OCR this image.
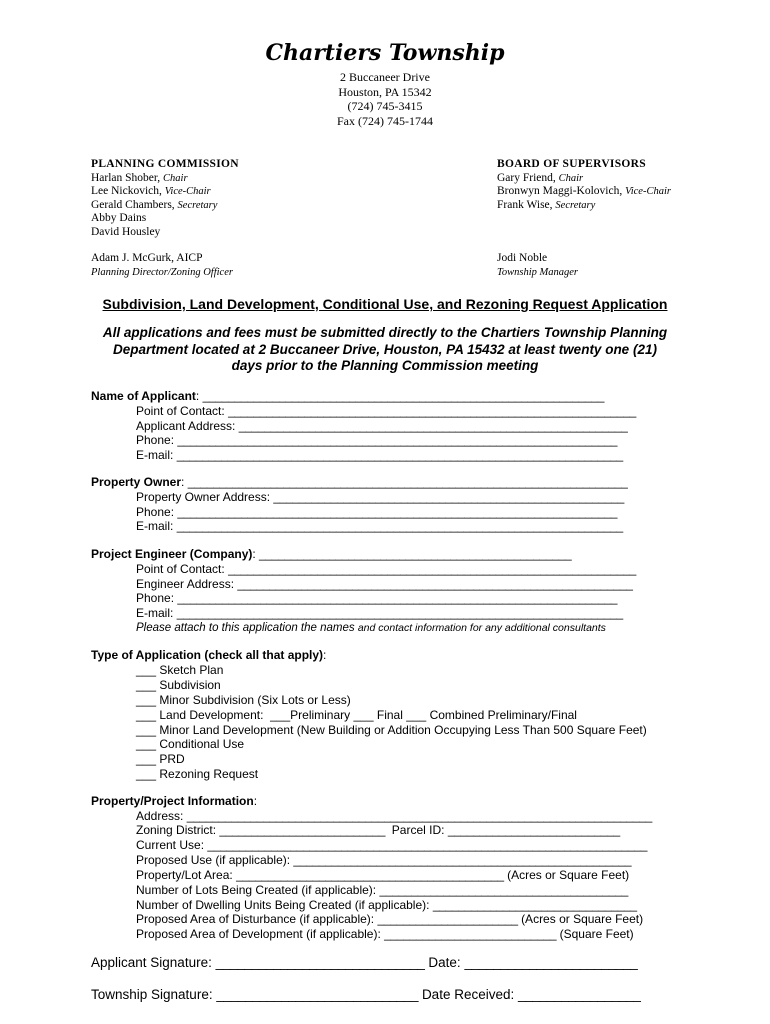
Chartiers Township
2 Buccaneer Drive
Houston, PA 15342
(724) 745-3415
Fax (724) 745-1744
PLANNING COMMISSION
Harlan Shober, Chair
Lee Nickovich, Vice-Chair
Gerald Chambers, Secretary
Abby Dains
David Housley
Adam J. McGurk, AICP
Planning Director/Zoning Officer
BOARD OF SUPERVISORS
Gary Friend, Chair
Bronwyn Maggi-Kolovich, Vice-Chair
Frank Wise, Secretary
Jodi Noble
Township Manager
Subdivision, Land Development, Conditional Use, and Rezoning Request Application
All applications and fees must be submitted directly to the Chartiers Township Planning
Department located at 2 Buccaneer Drive, Houston, PA 15432 at least twenty one (21)
days prior to the Planning Commission meeting
Name of Applicant: _______________________________________________________________
Point of Contact: ________________________________________________________________
Applicant Address: _____________________________________________________________
Phone: _____________________________________________________________________
E-mail: ______________________________________________________________________
Property Owner: _____________________________________________________________________
Property Owner Address: _______________________________________________________
Phone: _____________________________________________________________________
E-mail: ______________________________________________________________________
Project Engineer (Company): _________________________________________________
Point of Contact: ________________________________________________________________
Engineer Address: ______________________________________________________________
Phone: _____________________________________________________________________
E-mail: ______________________________________________________________________
Please attach to this application the names and contact information for any additional consultants
Type of Application (check all that apply):
___ Sketch Plan
___ Subdivision
___ Minor Subdivision (Six Lots or Less)
___ Land Development:  ___Preliminary ___ Final ___ Combined Preliminary/Final
___ Minor Land Development (New Building or Addition Occupying Less Than 500 Square Feet)
___ Conditional Use
___ PRD
___ Rezoning Request
Property/Project Information:
Address: _________________________________________________________________________
Zoning District: __________________________ Parcel ID: ___________________________
Current Use: _____________________________________________________________________
Proposed Use (if applicable): _____________________________________________________
Property/Lot Area: __________________________________________ (Acres or Square Feet)
Number of Lots Being Created (if applicable): _______________________________________
Number of Dwelling Units Being Created (if applicable): ________________________________
Proposed Area of Disturbance (if applicable): ______________________ (Acres or Square Feet)
Proposed Area of Development (if applicable): ___________________________ (Square Feet)
Applicant Signature: _____________________________ Date: ________________________
Township Signature: ____________________________ Date Received: _________________
